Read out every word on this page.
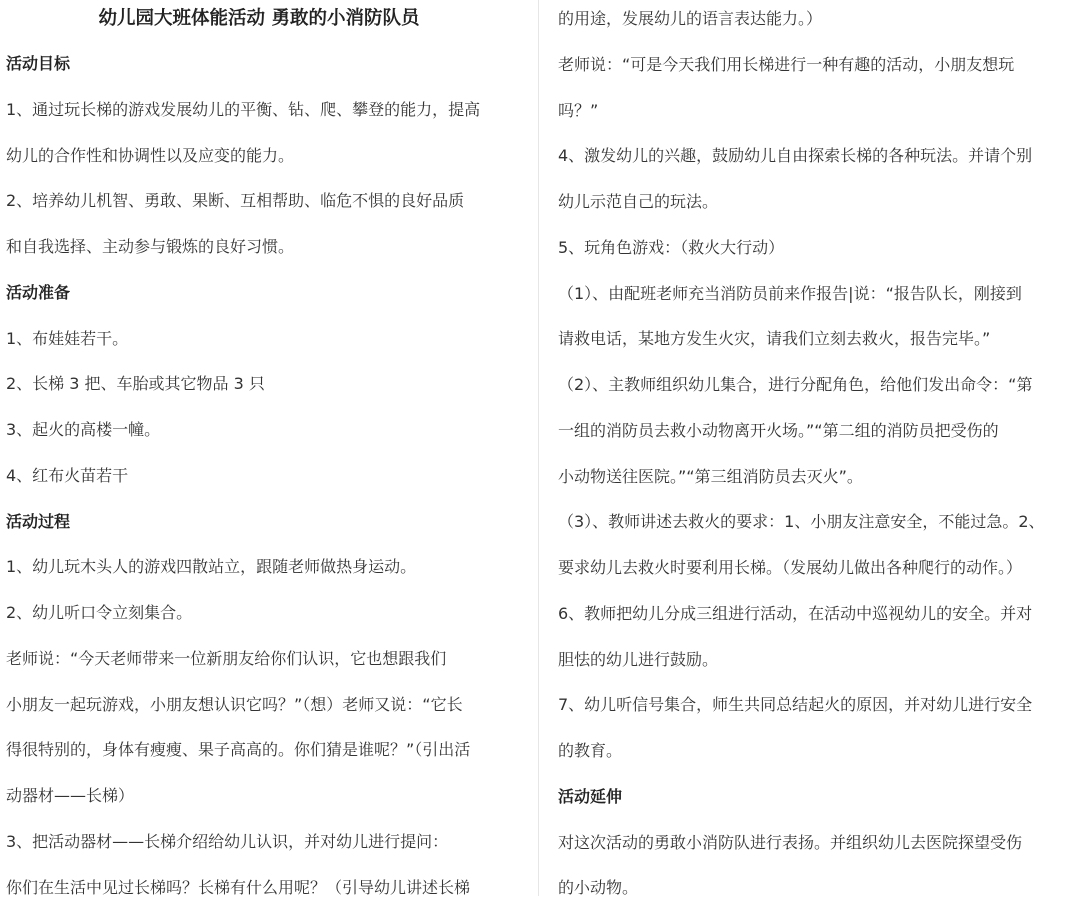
幼儿园大班体能活动 勇敢的小消防队员
活动目标
1、通过玩长梯的游戏发展幼儿的平衡、钻、爬、攀登的能力，提高
幼儿的合作性和协调性以及应变的能力。
2、培养幼儿机智、勇敢、果断、互相帮助、临危不惧的良好品质
和自我选择、主动参与锻炼的良好习惯。
活动准备
1、布娃娃若干。
2、长梯 3 把、车胎或其它物品 3 只
3、起火的高楼一幢。
4、红布火苗若干
活动过程
1、幼儿玩木头人的游戏四散站立，跟随老师做热身运动。
2、幼儿听口令立刻集合。
老师说：“今天老师带来一位新朋友给你们认识，它也想跟我们
小朋友一起玩游戏，小朋友想认识它吗？”（想）老师又说：“它长
得很特别的，身体有瘦瘦、果子高高的。你们猜是谁呢？”（引出活
动器材——长梯）
3、把活动器材——长梯介绍给幼儿认识，并对幼儿进行提问：
你们在生活中见过长梯吗？长梯有什么用呢？（引导幼儿讲述长梯
的用途，发展幼儿的语言表达能力。）
老师说：“可是今天我们用长梯进行一种有趣的活动，小朋友想玩
吗？”
4、激发幼儿的兴趣，鼓励幼儿自由探索长梯的各种玩法。并请个别
幼儿示范自己的玩法。
5、玩角色游戏：（救火大行动）
（1）、由配班老师充当消防员前来作报告|说：“报告队长，刚接到
请救电话，某地方发生火灾，请我们立刻去救火，报告完毕。”
（2）、主教师组织幼儿集合，进行分配角色，给他们发出命令：“第
一组的消防员去救小动物离开火场。”“第二组的消防员把受伤的
小动物送往医院。”“第三组消防员去灭火”。
（3）、教师讲述去救火的要求：1、小朋友注意安全，不能过急。2、
要求幼儿去救火时要利用长梯。（发展幼儿做出各种爬行的动作。）
6、教师把幼儿分成三组进行活动，在活动中巡视幼儿的安全。并对
胆怯的幼儿进行鼓励。
7、幼儿听信号集合，师生共同总结起火的原因，并对幼儿进行安全
的教育。
活动延伸
对这次活动的勇敢小消防队进行表扬。并组织幼儿去医院探望受伤
的小动物。
